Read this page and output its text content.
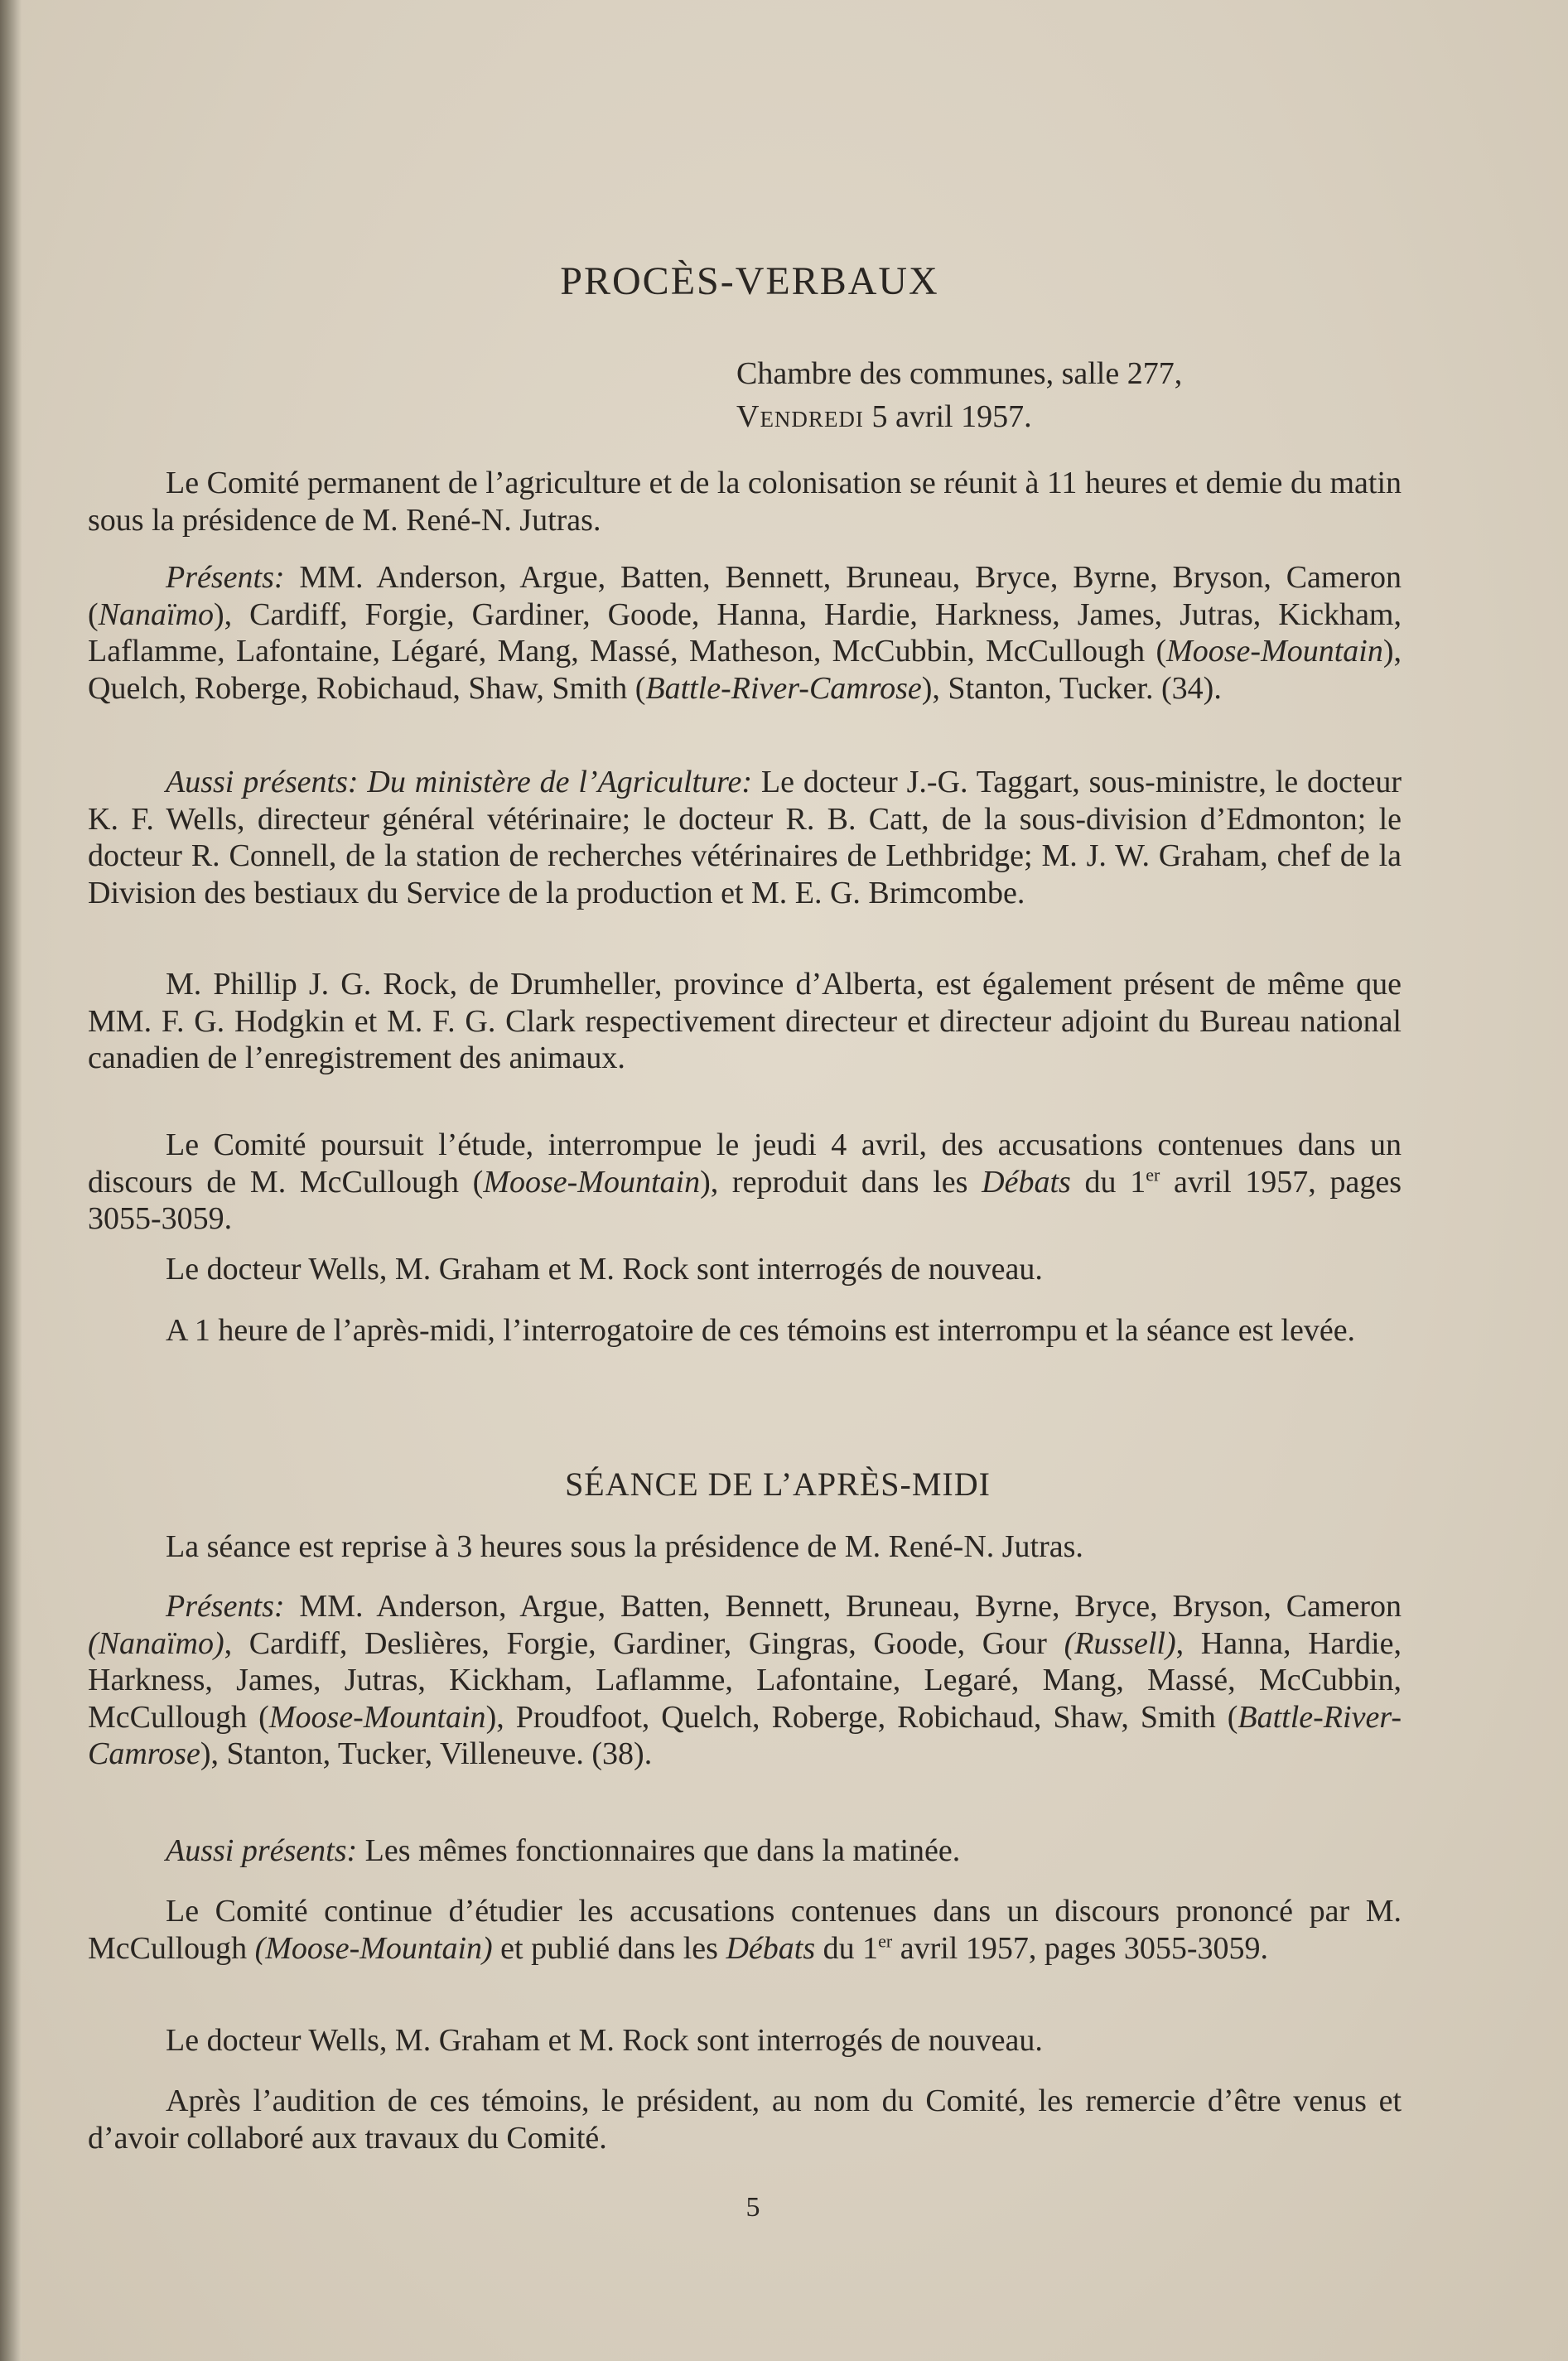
PROCÈS-VERBAUX
Chambre des communes, salle 277,
Vendredi 5 avril 1957.

Le Comité permanent de l’agriculture et de la colonisation se réunit à 11 heures et demie du matin sous la présidence de M. René-N. Jutras.

Présents: MM. Anderson, Argue, Batten, Bennett, Bruneau, Bryce, Byrne, Bryson, Cameron (Nanaïmo), Cardiff, Forgie, Gardiner, Goode, Hanna, Hardie, Harkness, James, Jutras, Kickham, Laflamme, Lafontaine, Légaré, Mang, Massé, Matheson, McCubbin, McCullough (Moose-Mountain), Quelch, Roberge, Robichaud, Shaw, Smith (Battle-River-Camrose), Stanton, Tucker. (34).

Aussi présents: Du ministère de l’Agriculture: Le docteur J.-G. Taggart, sous-ministre, le docteur K. F. Wells, directeur général vétérinaire; le docteur R. B. Catt, de la sous-division d’Edmonton; le docteur R. Connell, de la station de recherches vétérinaires de Lethbridge; M. J. W. Graham, chef de la Division des bestiaux du Service de la production et M. E. G. Brimcombe.

M. Phillip J. G. Rock, de Drumheller, province d’Alberta, est également présent de même que MM. F. G. Hodgkin et M. F. G. Clark respectivement directeur et directeur adjoint du Bureau national canadien de l’enregistrement des animaux.

Le Comité poursuit l’étude, interrompue le jeudi 4 avril, des accusations contenues dans un discours de M. McCullough (Moose-Mountain), reproduit dans les Débats du 1er avril 1957, pages 3055-3059.

Le docteur Wells, M. Graham et M. Rock sont interrogés de nouveau.

A 1 heure de l’après-midi, l’interrogatoire de ces témoins est interrompu et la séance est levée.

SÉANCE DE L’APRÈS-MIDI

La séance est reprise à 3 heures sous la présidence de M. René-N. Jutras.

Présents: MM. Anderson, Argue, Batten, Bennett, Bruneau, Byrne, Bryce, Bryson, Cameron (Nanaïmo), Cardiff, Deslières, Forgie, Gardiner, Gingras, Goode, Gour (Russell), Hanna, Hardie, Harkness, James, Jutras, Kickham, Laflamme, Lafontaine, Legaré, Mang, Massé, McCubbin, McCullough (Moose-Mountain), Proudfoot, Quelch, Roberge, Robichaud, Shaw, Smith (Battle-River-Camrose), Stanton, Tucker, Villeneuve. (38).

Aussi présents: Les mêmes fonctionnaires que dans la matinée.

Le Comité continue d’étudier les accusations contenues dans un discours prononcé par M. McCullough (Moose-Mountain) et publié dans les Débats du 1er avril 1957, pages 3055-3059.

Le docteur Wells, M. Graham et M. Rock sont interrogés de nouveau.

Après l’audition de ces témoins, le président, au nom du Comité, les remercie d’être venus et d’avoir collaboré aux travaux du Comité.

5
